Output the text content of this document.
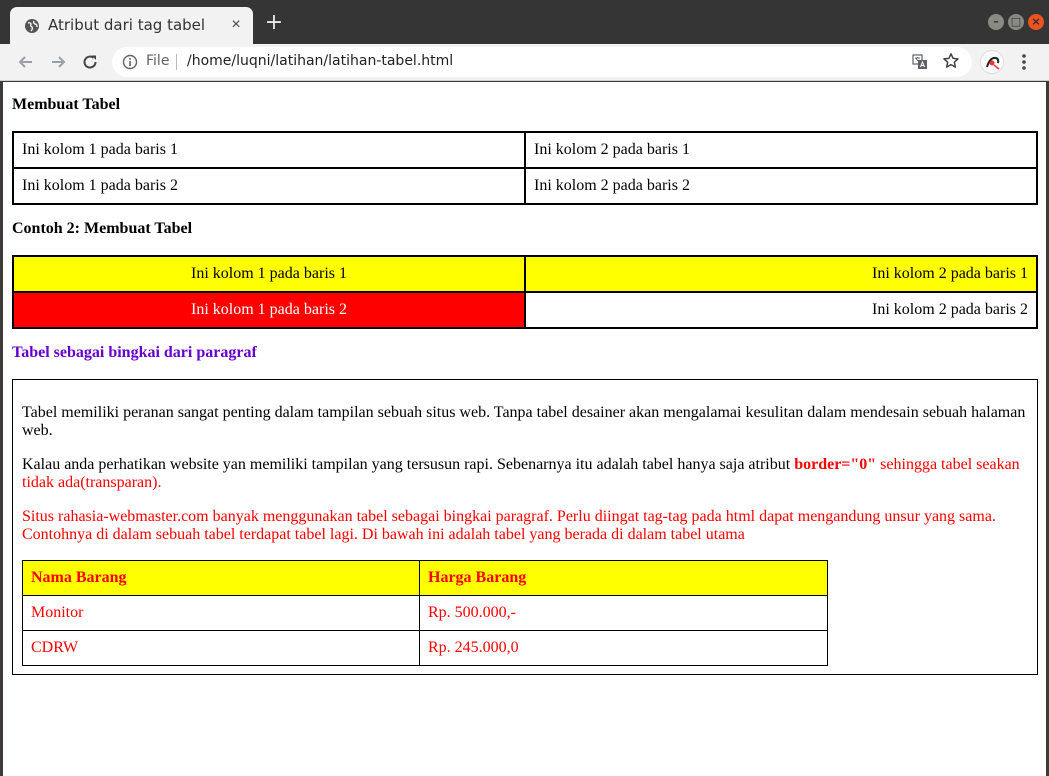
Atribut dari tag tabel × +	–	□ ×
File /home/luqni/latihan/latihan-tabel.html
Membuat Tabel
Ini kolom 1 pada baris 1	Ini kolom 2 pada baris 1
Ini kolom 1 pada baris 2	Ini kolom 2 pada baris 2
Contoh 2: Membuat Tabel
Ini kolom 1 pada baris 1	Ini kolom 2 pada baris 1
Ini kolom 1 pada baris 2	Ini kolom 2 pada baris 2
Tabel sebagai bingkai dari paragraf

Tabel memiliki peranan sangat penting dalam tampilan sebuah situs web. Tanpa tabel desainer akan mengalamai kesulitan dalam mendesain sebuah halaman web.

Kalau anda perhatikan website yan memiliki tampilan yang tersusun rapi. Sebenarnya itu adalah tabel hanya saja atribut border="0" sehingga tabel seakan tidak ada(transparan).

Situs rahasia-webmaster.com banyak menggunakan tabel sebagai bingkai paragraf. Perlu diingat tag-tag pada html dapat mengandung unsur yang sama. Contohnya di dalam sebuah tabel terdapat tabel lagi. Di bawah ini adalah tabel yang berada di dalam tabel utama

Nama Barang	Harga Barang
Monitor	Rp. 500.000,-
CDRW	Rp. 245.000,0
